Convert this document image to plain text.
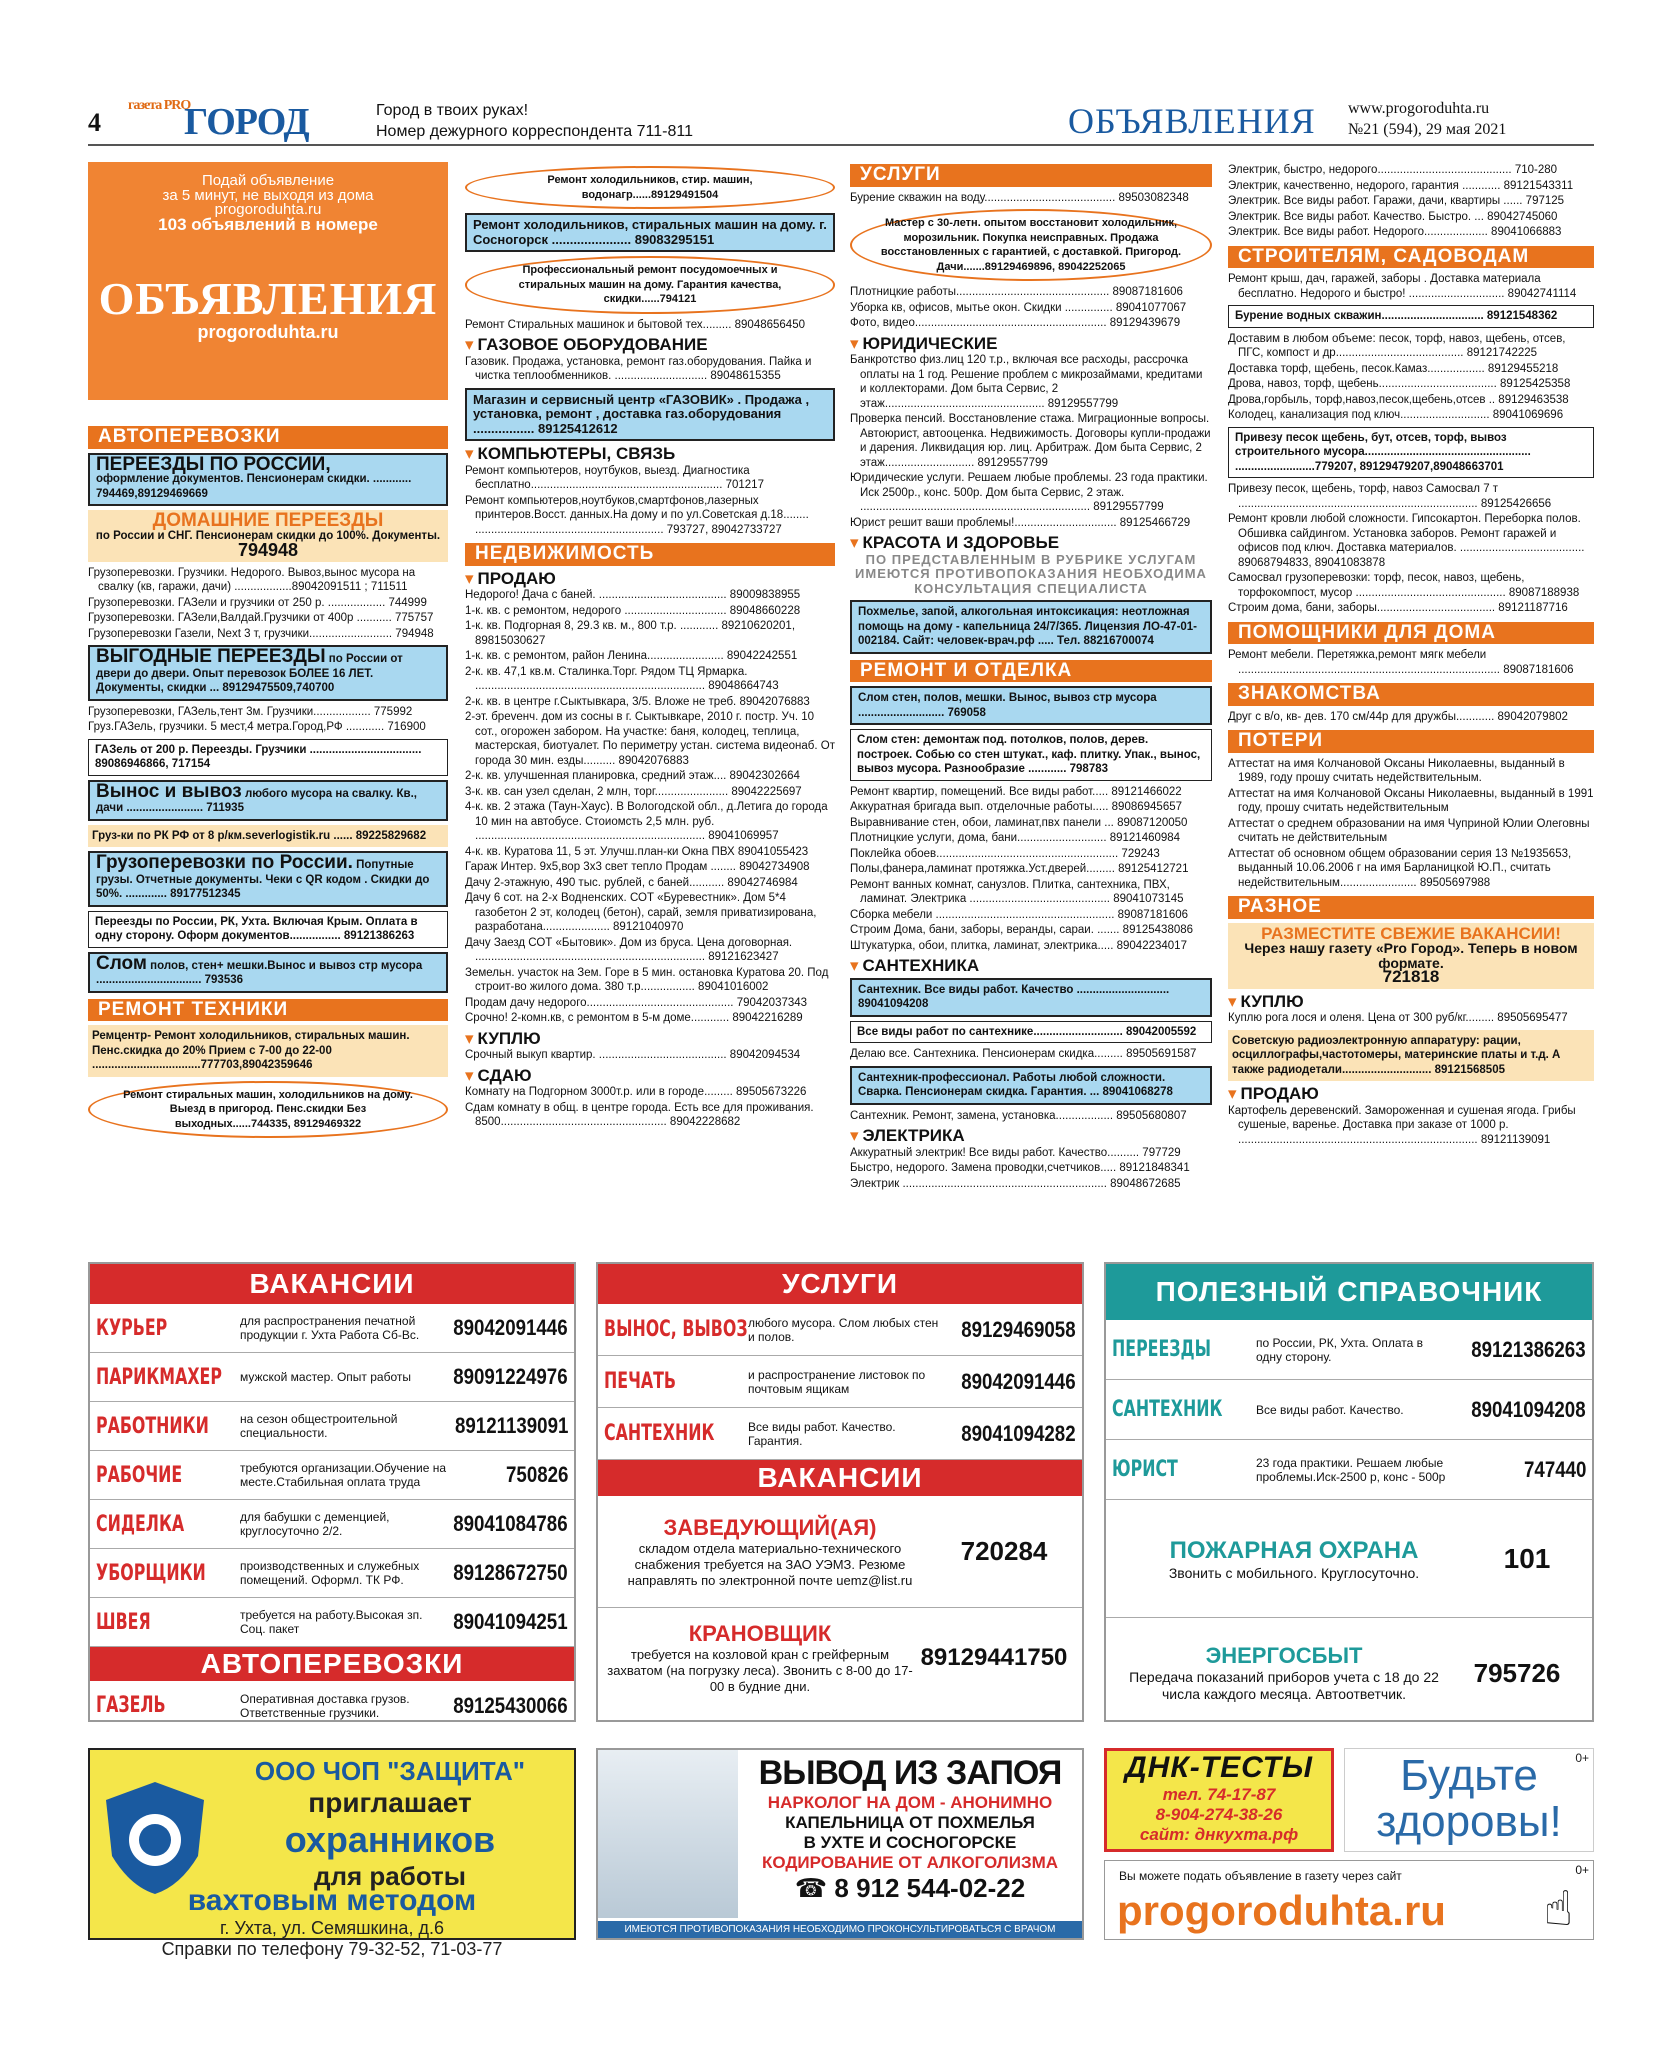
4
газета PRO
ГОРОД	Город в твоих руках!
Номер дежурного корреспондента 711-811	ОБЪЯВЛЕНИЯ www.progoroduhta.ru
№21 (594), 29 мая 2021
Подай объявление
за 5 минут, не выходя из дома
progoroduhta.ru
103 объявлений в номере
ОБЪЯВЛЕНИЯ
progoroduhta.ru
АВТОПЕРЕВОЗКИ
ПЕРЕЕЗДЫ ПО РОССИИ,
оформление документов. Пенсионерам скидки. ............ 794469,89129469669
ДОМАШНИЕ ПЕРЕЕЗДЫ
по России и СНГ. Пенсионерам скидки до 100%. Документы.
794948
Грузоперевозки. Грузчики. Недорого. Вывоз,вынос мусора на свалку (кв, гаражи, дачи) ..................89042091511 ; 711511
Грузоперевозки. ГАЗели и грузчики от 250 р. .................. 744999
Грузоперевозки. ГАЗели,Валдай.Грузчики от 400р ........... 775757
Грузоперевозки Газели, Next 3 т, грузчики.......................... 794948
ВЫГОДНЫЕ ПЕРЕЕЗДЫ по России от двери до двери. Опыт перевозок БОЛЕЕ 16 ЛЕТ. Документы, скидки ... 89129475509,740700
Грузоперевозки, ГАЗель,тент 3м. Грузчики.................. 775992
Груз.ГАЗель, грузчики. 5 мест,4 метра.Город,РФ ............ 716900
ГАЗель от 200 р. Переезды. Грузчики ................................... 89086946866, 717154
Вынос и вывоз любого мусора на свалку. Кв., дачи ........................ 711935
Груз-ки по РК РФ от 8 р/км.severlogistik.ru ...... 89225829682
Грузоперевозки по России. Попутные грузы. Отчетные документы. Чеки с QR кодом . Скидки до 50%. ............. 89177512345
Переезды по России, РК, Ухта. Включая Крым. Оплата в одну сторону. Оформ документов................ 89121386263
Слом полов, стен+ мешки.Вынос и вывоз стр мусора ................................. 793536
РЕМОНТ ТЕХНИКИ
Ремцентр- Ремонт холодильников, стиральных машин. Пенс.скидка до 20% Прием с 7-00 до 22-00 ..................................777703,89042359646
Ремонт стиральных машин, холодильников на дому. Выезд в пригород. Пенс.скидки Без выходных......744335, 89129469322
Ремонт холодильников, стир. машин, водонагр......89129491504
Ремонт холодильников, стиральных машин на дому. г. Сосногорск ...................... 89083295151
Профессиональный ремонт посудомоечных и стиральных машин на дому. Гарантия качества, скидки......794121
Ремонт Стиральных машинок и бытовой тех......... 89048656450
▾ ГАЗОВОЕ ОБОРУДОВАНИЕ
Газовик. Продажа, установка, ремонт газ.оборудования. Пайка и чистка теплообменников. ............................. 89048615355
Магазин и сервисный центр «ГАЗОВИК» . Продажа , установка, ремонт , доставка газ.оборудования ................. 89125412612
▾ КОМПЬЮТЕРЫ, СВЯЗЬ
Ремонт компьютеров, ноутбуков, выезд. Диагностика бесплатно............................................................ 701217
Ремонт компьютеров,ноутбуков,смартфонов,лазерных принтеров.Восст. данных.На дому и по ул.Советская д.18........ ........................................................... 793727, 89042733727
НЕДВИЖИМОСТЬ
▾ ПРОДАЮ
Недорого! Дача с баней. ........................................ 89009838955
1-к. кв. с ремонтом, недорого ................................ 89048660228
1-к. кв. Подгорная 8, 29.3 кв. м., 800 т.р. ............ 89210620201, 89815030627
1-к. кв. с ремонтом, район Ленина........................ 89042242551
2-к. кв. 47,1 кв.м. Сталинка.Торг. Рядом ТЦ Ярмарка. ........................................................................ 89048664743
2-к. кв. в центре г.Сыктывкара, 3/5. Вложе не треб. 89042076883
2-эт. брevенч. дом из сосны в г. Сыктывкаре, 2010 г. постр. Уч. 10 сот., огорожен забором. На участке: баня, колодец, теплица, мастерская, биотуалет. По периметру устан. система видеонаб. От города 30 мин. езды.......... 89042076883
2-к. кв. улучшенная планировка, средний этаж.... 89042302664
3-к. кв. сан узел сделан, 2 млн, торг....................... 89042225697
4-к. кв. 2 этажа (Таун-Хаус). В Вологодской обл., д.Летига до города 10 мин на автобусе. Стоиомсть 2,5 млн. руб. ........................................................................ 89041069957
4-к. кв. Куратова 11, 5 эт. Улучш.план-ки Окна ПВХ 89041055423
Гараж Интер. 9х5,вор 3х3 свет тепло Продам ........ 89042734908
Дачу 2-этажную, 490 тыс. рублей, с баней........... 89042746984
Дачу 6 сот. на 2-х Водненских. СОТ «Буревестник». Дом 5*4 газобетон 2 эт, колодец (бетон), сарай, земля приватизирована, разработана..................... 89121040970
Дачу Заезд СОТ «Бытовик». Дом из бруса. Цена договорная. ........................................................................ 89121623427
Земельн. участок на Зем. Горе в 5 мин. остановка Куратова 20. Под строит-во жилого дома. 380 т.р................. 89041016002
Продам дачу недорого.............................................. 79042037343
Срочно! 2-комн.кв, с ремонтом в 5-м доме............ 89042216289
▾ КУПЛЮ
Срочный выкуп квартир. ........................................ 89042094534
▾ СДАЮ
Комнату на Подгорном 3000т.р. или в городе......... 89505673226
Сдам комнату в общ. в центре города. Есть все для проживания. 8500.................................................... 89042228682
УСЛУГИ
Бурение скважин на воду......................................... 89503082348
Мастер с 30-летн. опытом восстановит холодильник, морозильник. Покупка неисправных. Продажа восстановленных с гарантией, с доставкой. Пригород. Дачи.......89129469896, 89042252065
Плотницкие работы................................................ 89087181606
Уборка кв, офисов, мытье окон. Скидки ............... 89041077067
Фото, видео............................................................ 89129439679
▾ ЮРИДИЧЕСКИЕ
Банкротство физ.лиц 120 т.р., включая все расходы, рассрочка оплаты на 1 год. Решение проблем с микрозаймами, кредитами и коллекторами. Дом быта Сервис, 2 этаж.................................................. 89129557799
Проверка пенсий. Восстановление стажа. Миграционные вопросы. Автоюрист, автооценка. Недвижимость. Договоры купли-продажи и дарения. Ликвидация юр. лиц. Арбитраж. Дом быта Сервис, 2 этаж............................ 89129557799
Юридические услуги. Решаем любые проблемы. 23 года практики. Иск 2500р., конс. 500р. Дом быта Сервис, 2 этаж. ........................................................................ 89129557799
Юрист решит ваши проблемы!................................ 89125466729
▾ КРАСОТА И ЗДОРОВЬЕ
ПО ПРЕДСТАВЛЕННЫМ В РУБРИКЕ УСЛУГАМ ИМЕЮТСЯ ПРОТИВОПОКАЗАНИЯ НЕОБХОДИМА КОНСУЛЬТАЦИЯ СПЕЦИАЛИСТА
Похмелье, запой, алкогольная интоксикация: неотложная помощь на дому - капельница 24/7/365. Лицензия ЛО-47-01-002184. Сайт: человек-врач.рф ..... Тел. 88216700074
РЕМОНТ И ОТДЕЛКА
Слом стен, полов, мешки. Вынос, вывоз стр мусора ........................... 769058
Слом стен: демонтаж под. потолков, полов, дерев. построек. Собью со стен штукат., каф. плитку. Упак., вынос, вывоз мусора. Разнообразие ............ 798783
Ремонт квартир, помещений. Все виды работ..... 89121466022
Аккуратная бригада вып. отделочные работы..... 89086945657
Выравнивание стен, обои, ламинат,пвх панели ... 89087120050
Плотницкие услуги, дома, бани............................ 89121460984
Поклейка обоев......................................................... 729243
Полы,фанера,ламинат протяжка.Уст.дверей......... 89125412721
Ремонт ванных комнат, санузлов. Плитка, сантехника, ПВХ, ламинат. Электрика ............................................ 89041073145
Сборка мебели ........................................................ 89087181606
Строим Дома, бани, заборы, веранды, сараи. ....... 89125438086
Штукатурка, обои, плитка, ламинат, электрика..... 89042234017
▾ САНТЕХНИКА
Сантехник. Все виды работ. Качество ............................. 89041094208
Все виды работ по сантехнике............................ 89042005592
Делаю все. Сантехника. Пенсионерам скидка......... 89505691587
Сантехник-профессионал. Работы любой сложности. Сварка. Пенсионерам скидка. Гарантия. ... 89041068278
Сантехник. Ремонт, замена, установка.................. 89505680807
▾ ЭЛЕКТРИКА
Аккуратный электрик! Все виды работ. Качество.......... 797729
Быстро, недорого. Замена проводки,счетчиков..... 89121848341
Электрик ................................................................ 89048672685
Электрик, быстро, недорого.......................................... 710-280
Электрик, качественно, недорого, гарантия ............ 89121543311
Электрик. Все виды работ. Гаражи, дачи, квартиры ...... 797125
Электрик. Все виды работ. Качество. Быстро. ... 89042745060
Электрик. Все виды работ. Недорого.................... 89041066883
СТРОИТЕЛЯМ, САДОВОДАМ
Ремонт крыш, дач, гаражей, заборы . Доставка материала бесплатно. Недорого и быстро! .............................. 89042741114
Бурение водных скважин................................ 89121548362
Доставим в любом объеме: песок, торф, навоз, щебень, отсев, ПГС, компост и др........................................ 89121742225
Доставка торф, щебень, песок.Камаз.................. 89129455218
Дрова, навоз, торф, щебень..................................... 89125425358
Дрова,горбыль, торф,навоз,песок,щебень,отсев .. 89129463538
Колодец, канализация под ключ............................ 89041069696
Привезу песок щебень, бут, отсев, торф, вывоз строительного мусора.................................................... .........................779207, 89129479207,89048663701
Привезу песок, щебень, торф, навоз Самосвал 7 т ........................................................................... 89125426656
Ремонт кровли любой сложности. Гипсокартон. Переборка полов. Обшивка сайдингом. Установка заборов. Ремонт гаражей и офисов под ключ. Доставка материалов. ....................................... 89068794833, 89041083878
Самосвал грузоперевозки: торф, песок, навоз, щебень, торфокомпост, мусор ............................................... 89087188938
Строим дома, бани, заборы..................................... 89121187716
ПОМОЩНИКИ ДЛЯ ДОМА
Ремонт мебели. Перетяжка,ремонт мягк мебели .................................................................................. 89087181606
ЗНАКОМСТВА
Друг с в/о, кв- дев. 170 см/44р для дружбы............ 89042079802
ПОТЕРИ
Аттестат на имя Колчановой Оксаны Николаевны, выданный в 1989, году прошу считать недействительным.
Аттестат на имя Колчановой Оксаны Николаевны, выданный в 1991 году, прошу считать недействительным
Аттестат о среднем образовании на имя Чуприной Юлии Олеговны считать не действительным
Аттестат об основном общем образовании серия 13 №1935653, выданный 10.06.2006 г на имя Барланицкой Ю.П., считать недействительным........................ 89505697988
РАЗНОЕ
РАЗМЕСТИТЕ СВЕЖИЕ ВАКАНСИИ!
Через нашу газету «Pro Город». Теперь в новом формате.
721818
▾ КУПЛЮ
Куплю рога лося и оленя. Цена от 300 руб/кг......... 89505695477
Советскую радиоэлектронную аппаратуру: рации, осциллографы,частотомеры, материнские платы и т.д. А также радиодетали............................ 89121568505
▾ ПРОДАЮ
Картофель деревенский. Замороженная и сушеная ягода. Грибы сушеные, варенье. Доставка при заказе от 1000 р. ........................................................................... 89121139091
ВАКАНСИИ
КУРЬЕР	для распространения печатной продукции г. Ухта Работа Сб-Вс.	89042091446
ПАРИКМАХЕР	мужской мастер. Опыт работы	89091224976
РАБОТНИКИ	на сезон общестроительной специальности.	89121139091
РАБОЧИЕ	требуются организации.Обучение на месте.Стабильная оплата труда	750826
СИДЕЛКА	для бабушки с деменцией, круглосуточно 2/2.	89041084786
УБОРЩИКИ	производственных и служебных помещений. Оформл. ТК РФ.	89128672750
ШВЕЯ	требуется на работу.Высокая зп. Соц. пакет	89041094251
АВТОПЕРЕВОЗКИ
ГАЗЕЛЬ	Оперативная доставка грузов. Ответственные грузчики.	89125430066
УСЛУГИ
ВЫНОС, ВЫВОЗ любого мусора. Слом любых стен и полов.	89129469058
ПЕЧАТЬ	и распространение листовок по почтовым ящикам	89042091446
САНТЕХНИК	Все виды работ. Качество. Гарантия.	89041094282
ВАКАНСИИ
ЗАВЕДУЮЩИЙ(АЯ)
складом отдела материально-технического снабжения требуется на ЗАО УЭМЗ. Резюме направлять по электронной почте uemz@list.ru
720284
КРАНОВЩИК
требуется на козловой кран с грейферным захватом (на погрузку леса). Звонить с 8-00 до 17-00 в будние дни.
89129441750
ПОЛЕЗНЫЙ СПРАВОЧНИК
ПЕРЕЕЗДЫ	по России, РК, Ухта. Оплата в одну сторону.	89121386263
САНТЕХНИК	Все виды работ. Качество.	89041094208
ЮРИСТ	23 года практики. Решаем любые проблемы.Иск-2500 р, конс - 500р	747440
ПОЖАРНАЯ ОХРАНА
Звонить с мобильного. Круглосуточно.	101
ЭНЕРГОСБЫТ
Передача показаний приборов учета с 18 до 22 числа каждого месяца. Автоответчик.
795726
ООО ЧОП "ЗАЩИТА"
приглашает
охранников
для работы
вахтовым методом
г. Ухта, ул. Семяшкина, д.6
Справки по телефону 79-32-52, 71-03-77
ВЫВОД ИЗ ЗАПОЯ
НАРКОЛОГ НА ДОМ - АНОНИМНО
КАПЕЛЬНИЦА ОТ ПОХМЕЛЬЯ
В УХТЕ И СОСНОГОРСКЕ
КОДИРОВАНИЕ ОТ АЛКОГОЛИЗМА
☎ 8 912 544-02-22
ИМЕЮТСЯ ПРОТИВОПОКАЗАНИЯ НЕОБХОДИМО ПРОКОНСУЛЬТИРОВАТЬСЯ С ВРАЧОМ
ДНК-ТЕСТЫ
тел. 74-17-87
8-904-274-38-26
сайт: днкухта.рф
0+
Будьте
здоровы!
0+
Вы можете подать объявление в газету через сайт
progoroduhta.ru ☝
